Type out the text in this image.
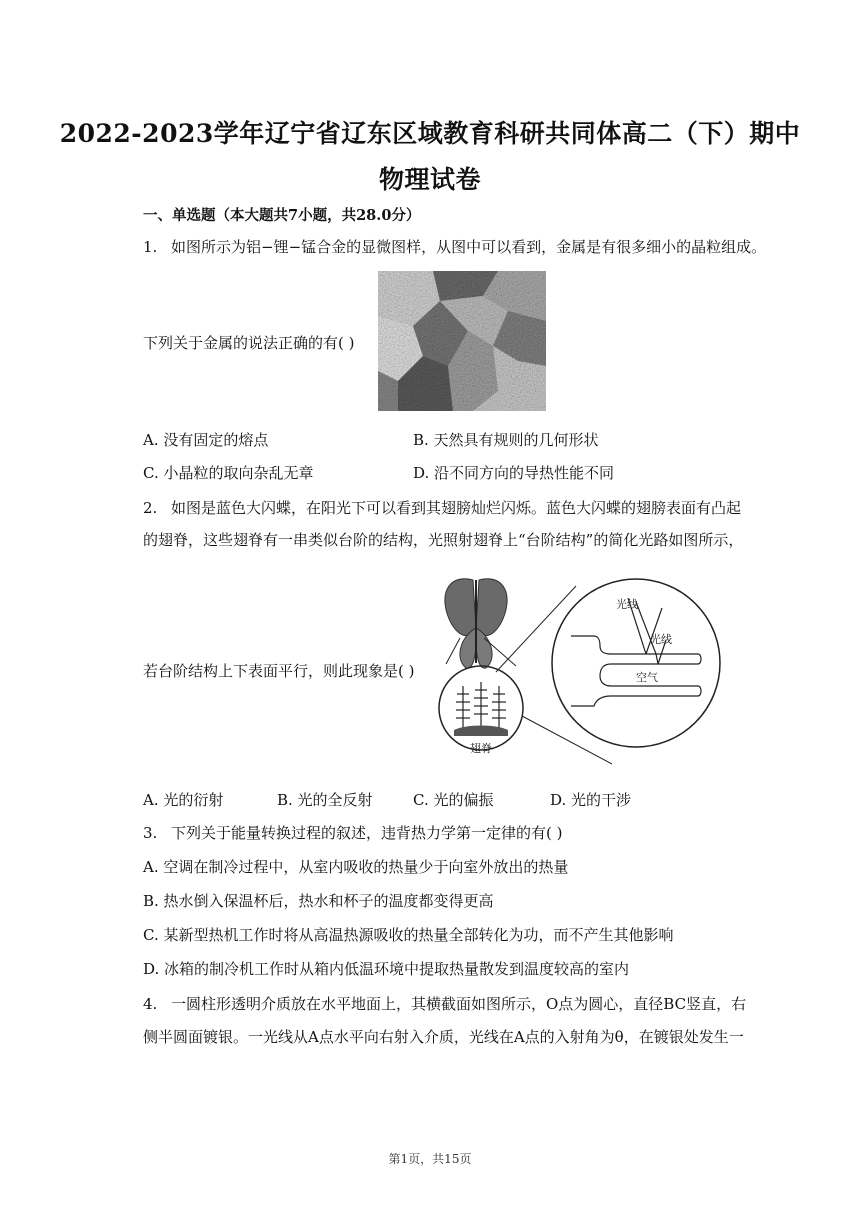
2022-2023学年辽宁省辽东区域教育科研共同体高二（下）期中
物理试卷
一、单选题（本大题共7小题，共28.0分）
1. 如图所示为铝−锂−锰合金的显微图样，从图中可以看到，金属是有很多细小的晶粒组成。
下列关于金属的说法正确的有( )
A. 没有固定的熔点	B. 天然具有规则的几何形状
C. 小晶粒的取向杂乱无章	D. 沿不同方向的导热性能不同
2. 如图是蓝色大闪蝶，在阳光下可以看到其翅膀灿烂闪烁。蓝色大闪蝶的翅膀表面有凸起
的翅脊，这些翅脊有一串类似台阶的结构，光照射翅脊上“台阶结构”的简化光路如图所示，
若台阶结构上下表面平行，则此现象是( )
翅脊
光线
光线
空气
A. 光的衍射	B. 光的全反射	C. 光的偏振	D. 光的干涉
3. 下列关于能量转换过程的叙述，违背热力学第一定律的有( )
A. 空调在制冷过程中，从室内吸收的热量少于向室外放出的热量
B. 热水倒入保温杯后，热水和杯子的温度都变得更高
C. 某新型热机工作时将从高温热源吸收的热量全部转化为功，而不产生其他影响
D. 冰箱的制冷机工作时从箱内低温环境中提取热量散发到温度较高的室内
4. 一圆柱形透明介质放在水平地面上，其横截面如图所示，O点为圆心，直径BC竖直，右
侧半圆面镀银。一光线从A点水平向右射入介质，光线在A点的入射角为θ，在镀银处发生一
第1页，共15页
